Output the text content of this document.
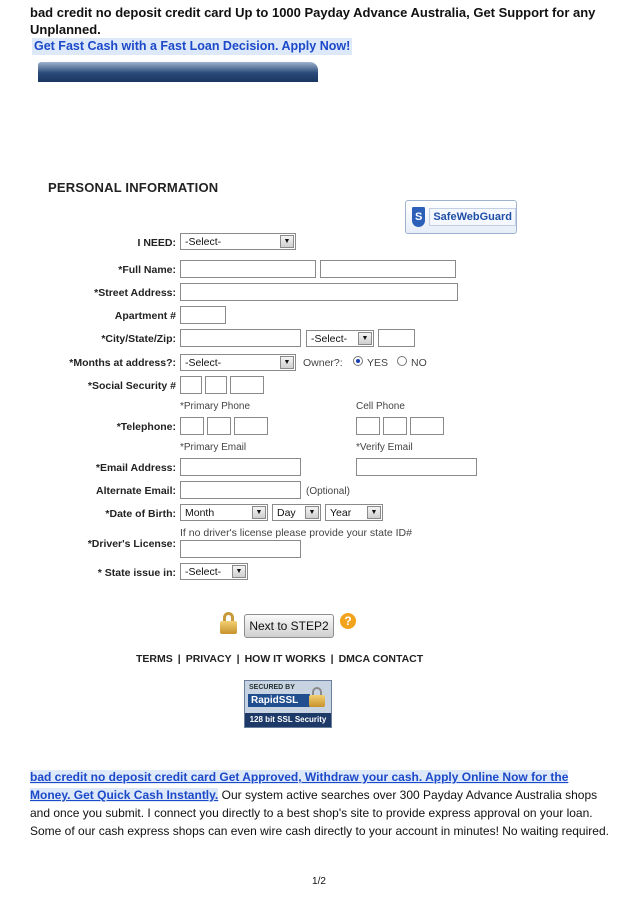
bad credit no deposit credit card Up to 1000 Payday Advance Australia, Get Support for any Unplanned.
Get Fast Cash with a Fast Loan Decision. Apply Now!
PERSONAL INFORMATION
S	SafeWebGuard
I NEED: -Select-	▼
*Full Name:
*Street Address:
Apartment #
*City/State/Zip:	-Select-	▼
*Months at address?: -Select-	▼	Owner?: YES NO
*Social Security #
*Primary Phone	Cell Phone
*Telephone:
*Primary Email	*Verify Email
*Email Address:
Alternate Email:	(Optional)
*Date of Birth: Month	▼	Day	▼	Year	▼
If no driver's license please provide your state ID#
*Driver's License:
* State issue in: -Select-	▼
Next to STEP2	?
TERMS | PRIVACY | HOW IT WORKS | DMCA CONTACT
SECURED BY
RapidSSL
128 bit SSL Security
bad credit no deposit credit card Get Approved, Withdraw your cash. Apply Online Now for the Money. Get Quick Cash Instantly. Our system active searches over 300 Payday Advance Australia shops and once you submit. I connect you directly to a best shop's site to provide express approval on your loan. Some of our cash express shops can even wire cash directly to your account in minutes! No waiting required.
1/2
